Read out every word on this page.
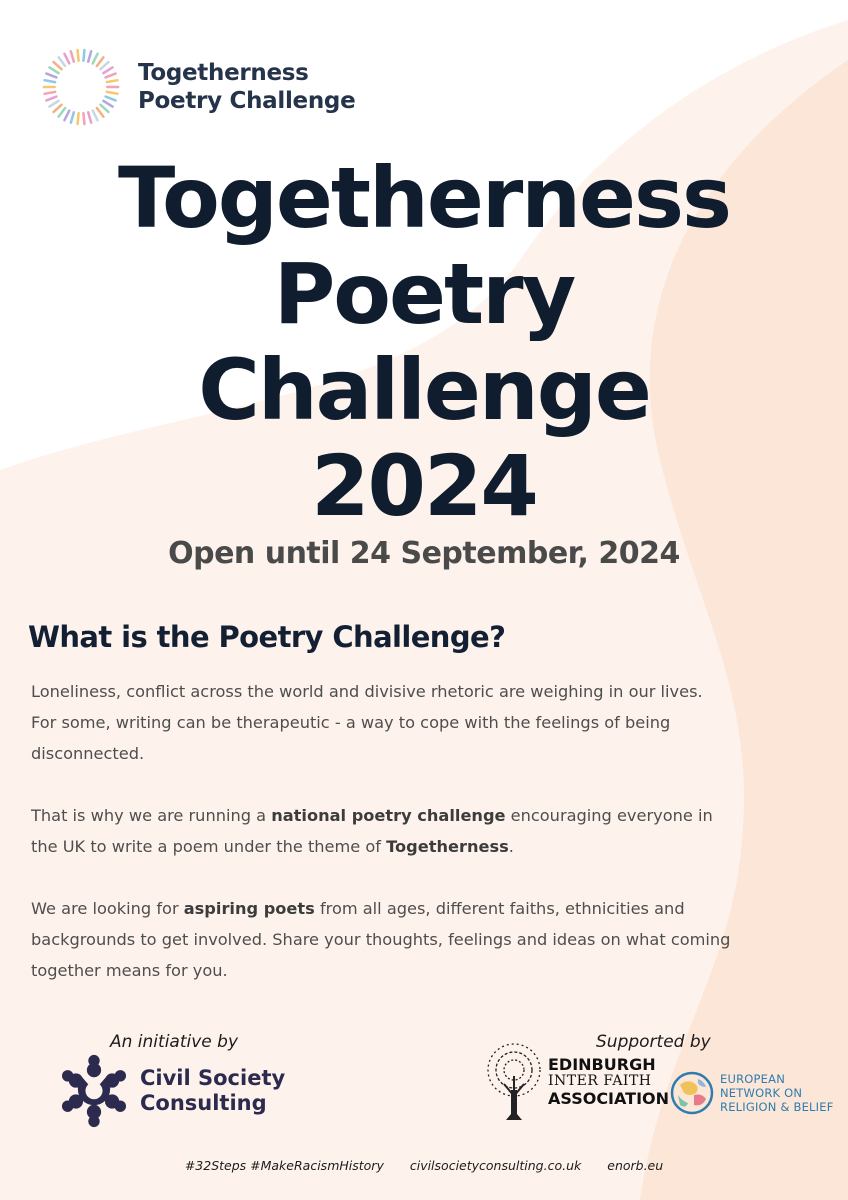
Togetherness
Poetry Challenge
Togetherness
Poetry
Challenge
2024
Open until 24 September, 2024
What is the Poetry Challenge?

Loneliness, conflict across the world and divisive rhetoric are weighing in our lives. For some, writing can be therapeutic - a way to cope with the feelings of being disconnected.

That is why we are running a national poetry challenge encouraging everyone in the UK to write a poem under the theme of Togetherness.

We are looking for aspiring poets from all ages, different faiths, ethnicities and backgrounds to get involved. Share your thoughts, feelings and ideas on what coming together means for you.

An initiative by	Supported by
Civil Society
Consulting
EDINBURGH
INTER FAITH
ASSOCIATION
EUROPEAN
NETWORK ON
RELIGION & BELIEF
#32Steps #MakeRacismHistory civilsocietyconsulting.co.uk enorb.eu
